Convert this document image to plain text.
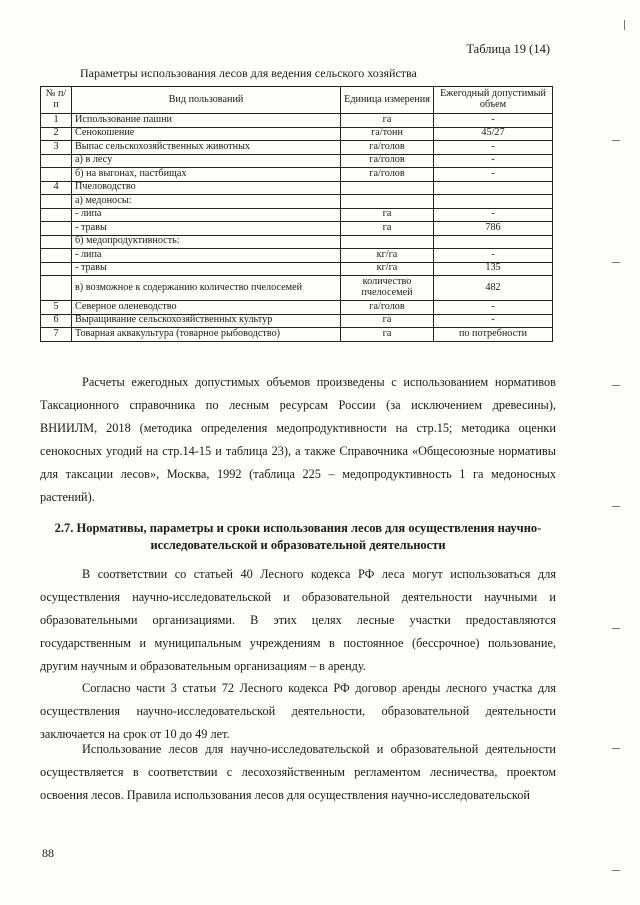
Таблица 19 (14)
Параметры использования лесов для ведения сельского хозяйства
№ п/п	Вид пользований	Единица измерения	Ежегодный допустимый объем
1	Использование пашни	га	-
2	Сенокошение	га/тонн	45/27
3	Выпас сельскохозяйственных животных	га/голов	-
	а) в лесу	га/голов	-
	б) на выгонах, пастбищах	га/голов	-
4	Пчеловодство		
	а) медоносы:		
	- липа	га	-
	- травы	га	786
	б) медопродуктивность:		
	- липа	кг/га	-
	- травы	кг/га	135
	в) возможное к содержанию количество пчелосемей	количество пчелосемей	482
5	Северное оленеводство	га/голов	-
6	Выращивание сельскохозяйственных культур	га	-
7	Товарная аквакультура (товарное рыбоводство)	га	по потребности
Расчеты ежегодных допустимых объемов произведены с использованием нормативов Таксационного справочника по лесным ресурсам России (за исключением древесины), ВНИИЛМ, 2018 (методика определения медопродуктивности на стр.15; методика оценки сенокосных угодий на стр.14-15 и таблица 23), а также Справочника «Общесоюзные нормативы для таксации лесов», Москва, 1992 (таблица 225 – медопродуктивность 1 га медоносных растений).
2.7. Нормативы, параметры и сроки использования лесов для осуществления научно-исследовательской и образовательной деятельности
В соответствии со статьей 40 Лесного кодекса РФ леса могут использоваться для осуществления научно-исследовательской и образовательной деятельности научными и образовательными организациями. В этих целях лесные участки предоставляются государственным и муниципальным учреждениям в постоянное (бессрочное) пользование, другим научным и образовательным организациям – в аренду.
Согласно части 3 статьи 72 Лесного кодекса РФ договор аренды лесного участка для осуществления научно-исследовательской деятельности, образовательной деятельности заключается на срок от 10 до 49 лет.
Использование лесов для научно-исследовательской и образовательной деятельности осуществляется в соответствии с лесохозяйственным регламентом лесничества, проектом освоения лесов. Правила использования лесов для осуществления научно-исследовательской
88
